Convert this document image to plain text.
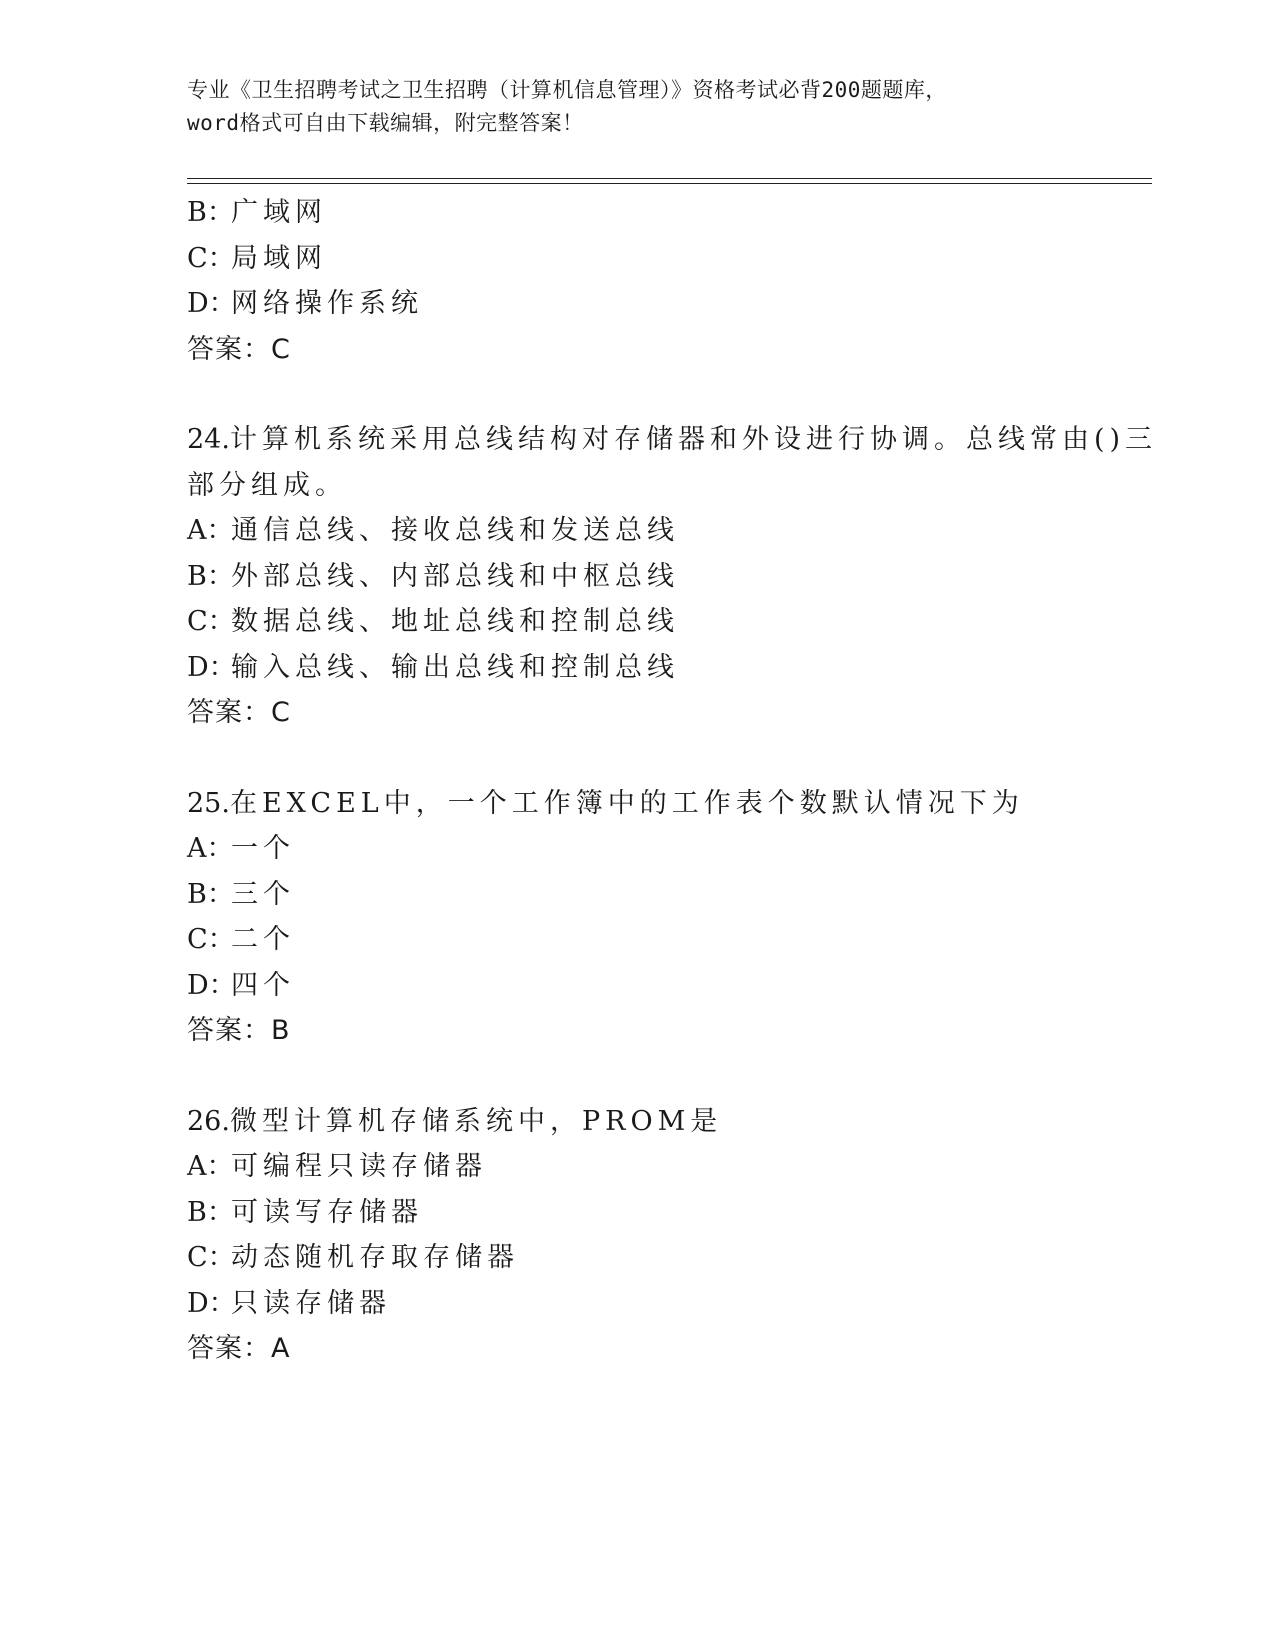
专业《卫生招聘考试之卫生招聘（计算机信息管理）》资格考试必背200题题库，
word格式可自由下载编辑，附完整答案！
B：
广域网
C：
局域网
D：
网络操作系统
答案：C
24.计算机系统采用总线结构对存储器和外设进行协调。总线常由()三
部分组成。
A：
通信总线、接收总线和发送总线
B：
外部总线、内部总线和中枢总线
C：
数据总线、地址总线和控制总线
D：
输入总线、输出总线和控制总线
答案：C
25.在EXCEL中，一个工作簿中的工作表个数默认情况下为
A：
一个
B：
三个
C：
二个
D：
四个
答案：B
26.微型计算机存储系统中，PROM是
A：
可编程只读存储器
B：
可读写存储器
C：
动态随机存取存储器
D：
只读存储器
答案：A
